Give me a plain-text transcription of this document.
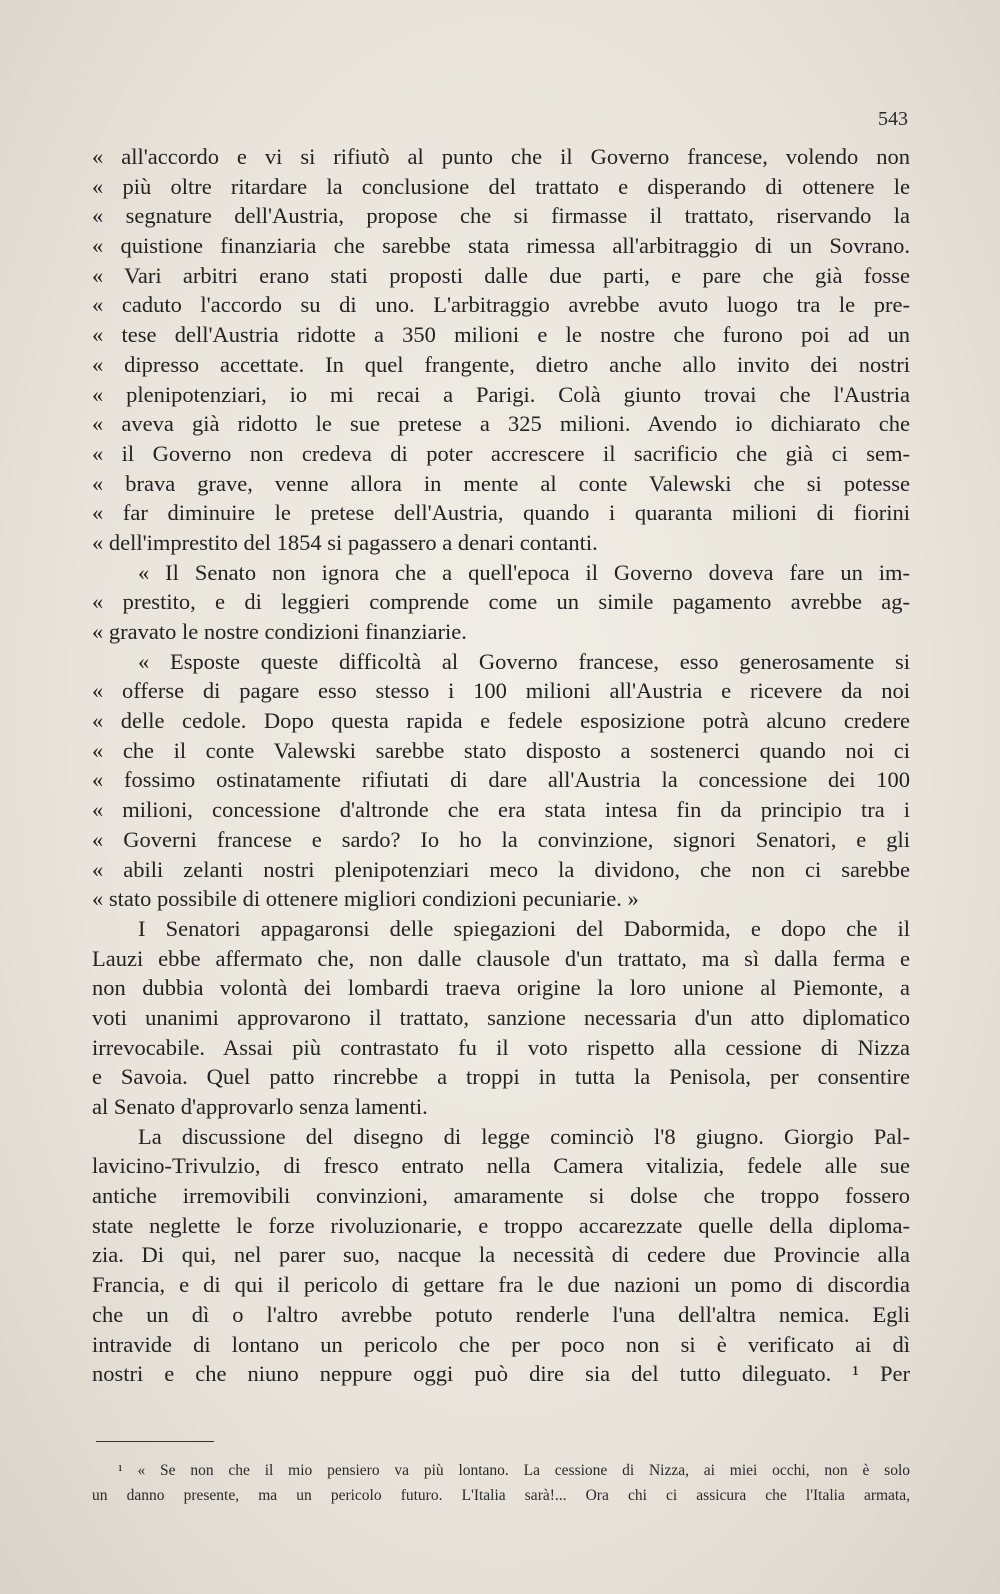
543
« all'accordo e vi si rifiutò al punto che il Governo francese, volendo non
« più oltre ritardare la conclusione del trattato e disperando di ottenere le
« segnature dell'Austria, propose che si firmasse il trattato, riservando la
« quistione finanziaria che sarebbe stata rimessa all'arbitraggio di un Sovrano.
« Vari arbitri erano stati proposti dalle due parti, e pare che già fosse
« caduto l'accordo su di uno. L'arbitraggio avrebbe avuto luogo tra le pre-
« tese dell'Austria ridotte a 350 milioni e le nostre che furono poi ad un
« dipresso accettate. In quel frangente, dietro anche allo invito dei nostri
« plenipotenziari, io mi recai a Parigi. Colà giunto trovai che l'Austria
« aveva già ridotto le sue pretese a 325 milioni. Avendo io dichiarato che
« il Governo non credeva di poter accrescere il sacrificio che già ci sem-
« brava grave, venne allora in mente al conte Valewski che si potesse
« far diminuire le pretese dell'Austria, quando i quaranta milioni di fiorini
« dell'imprestito del 1854 si pagassero a denari contanti.
« Il Senato non ignora che a quell'epoca il Governo doveva fare un im-
« prestito, e di leggieri comprende come un simile pagamento avrebbe ag-
« gravato le nostre condizioni finanziarie.
« Esposte queste difficoltà al Governo francese, esso generosamente si
« offerse di pagare esso stesso i 100 milioni all'Austria e ricevere da noi
« delle cedole. Dopo questa rapida e fedele esposizione potrà alcuno credere
« che il conte Valewski sarebbe stato disposto a sostenerci quando noi ci
« fossimo ostinatamente rifiutati di dare all'Austria la concessione dei 100
« milioni, concessione d'altronde che era stata intesa fin da principio tra i
« Governi francese e sardo? Io ho la convinzione, signori Senatori, e gli
« abili zelanti nostri plenipotenziari meco la dividono, che non ci sarebbe
« stato possibile di ottenere migliori condizioni pecuniarie. »
I Senatori appagaronsi delle spiegazioni del Dabormida, e dopo che il
Lauzi ebbe affermato che, non dalle clausole d'un trattato, ma sì dalla ferma e
non dubbia volontà dei lombardi traeva origine la loro unione al Piemonte, a
voti unanimi approvarono il trattato, sanzione necessaria d'un atto diplomatico
irrevocabile. Assai più contrastato fu il voto rispetto alla cessione di Nizza
e Savoia. Quel patto rincrebbe a troppi in tutta la Penisola, per consentire
al Senato d'approvarlo senza lamenti.
La discussione del disegno di legge cominciò l'8 giugno. Giorgio Pal-
lavicino-Trivulzio, di fresco entrato nella Camera vitalizia, fedele alle sue
antiche irremovibili convinzioni, amaramente si dolse che troppo fossero
state neglette le forze rivoluzionarie, e troppo accarezzate quelle della diploma-
zia. Di qui, nel parer suo, nacque la necessità di cedere due Provincie alla
Francia, e di qui il pericolo di gettare fra le due nazioni un pomo di discordia
che un dì o l'altro avrebbe potuto renderle l'una dell'altra nemica. Egli
intravide di lontano un pericolo che per poco non si è verificato ai dì
nostri e che niuno neppure oggi può dire sia del tutto dileguato. ¹ Per
¹ « Se non che il mio pensiero va più lontano. La cessione di Nizza, ai miei occhi, non è solo
un danno presente, ma un pericolo futuro. L'Italia sarà!... Ora chi ci assicura che l'Italia armata,
